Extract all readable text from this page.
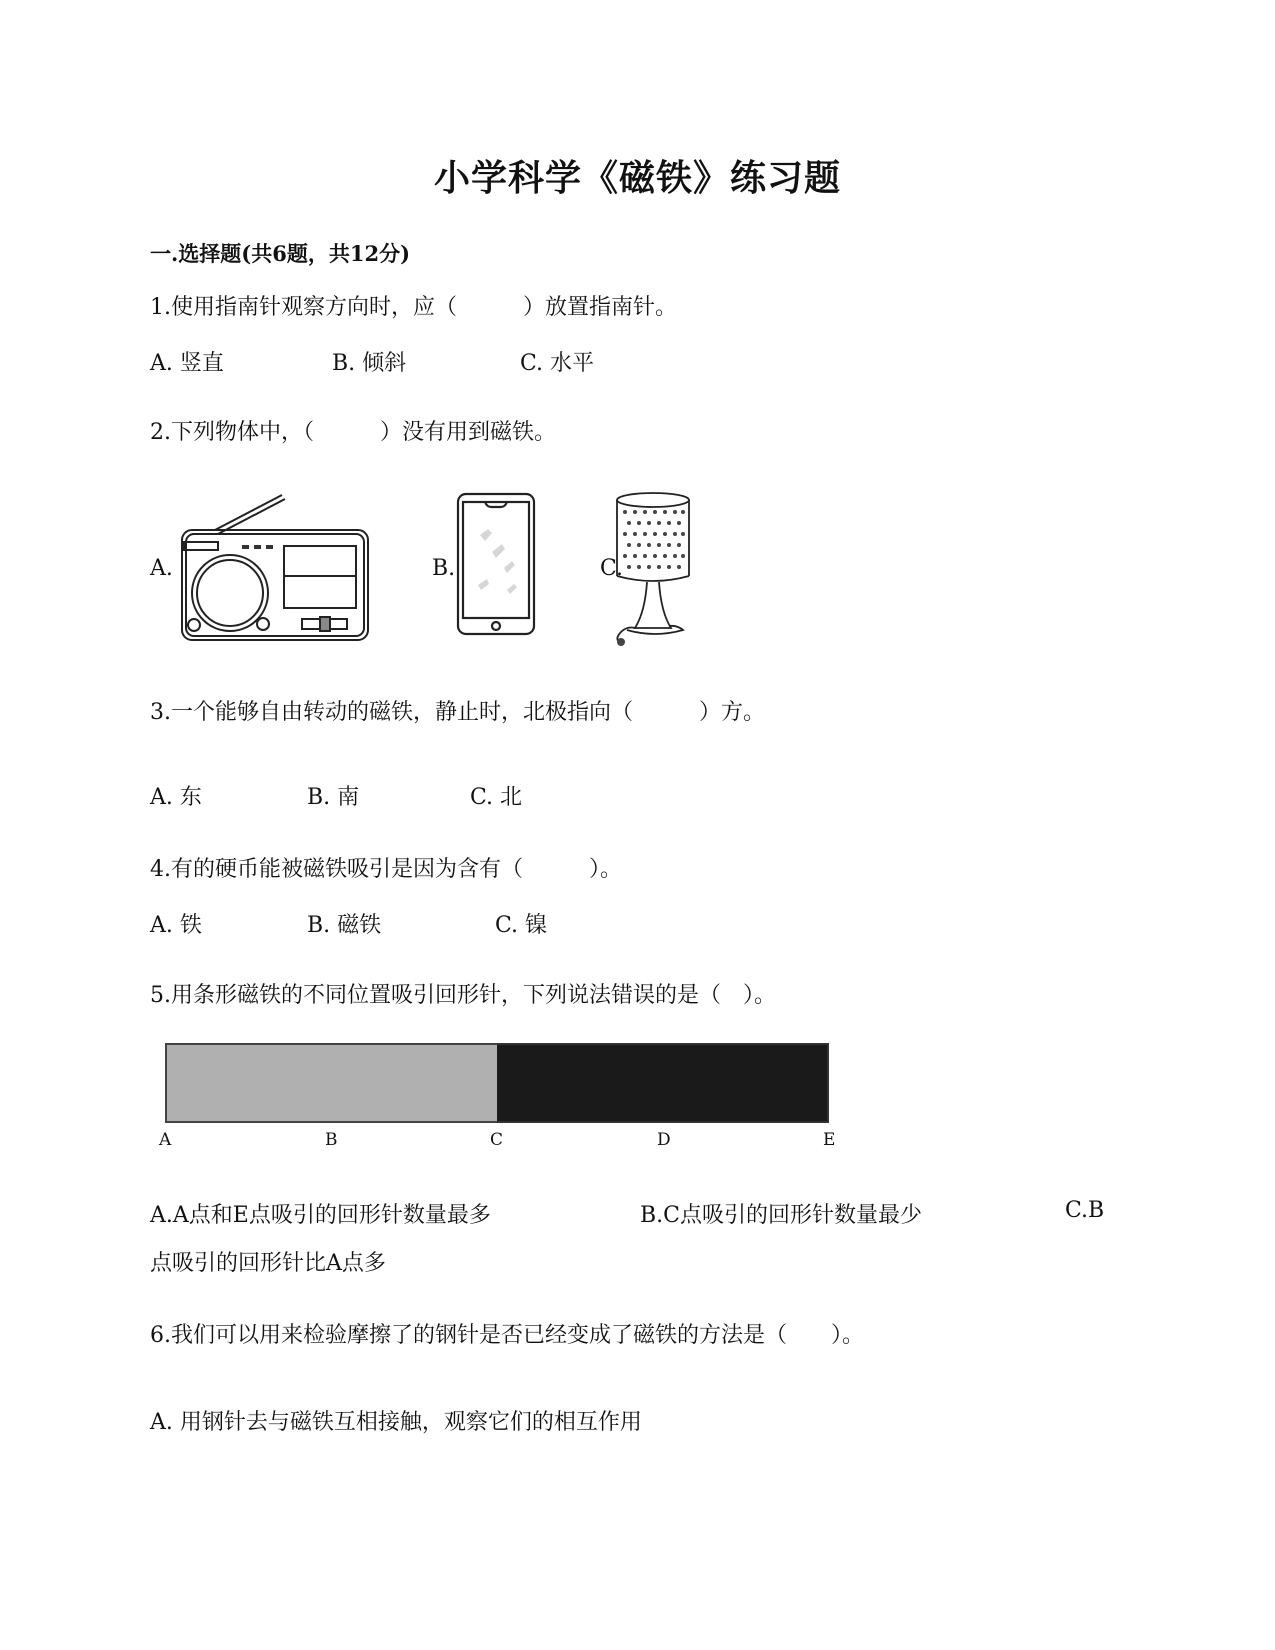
小学科学《磁铁》练习题
一.选择题(共6题，共12分)
1.使用指南针观察方向时，应（　　　）放置指南针。
A. 竖直	B. 倾斜	C. 水平
2.下列物体中，（　　　）没有用到磁铁。
A.	B.	C.
3.一个能够自由转动的磁铁，静止时，北极指向（　　　）方。
A. 东	B. 南	C. 北
4.有的硬币能被磁铁吸引是因为含有（　　　）。
A. 铁	B. 磁铁	C. 镍
5.用条形磁铁的不同位置吸引回形针，下列说法错误的是（　）。
A	B	C	D	E
A.A点和E点吸引的回形针数量最多	B.C点吸引的回形针数量最少	C.B
点吸引的回形针比A点多
6.我们可以用来检验摩擦了的钢针是否已经变成了磁铁的方法是（　　）。
A. 用钢针去与磁铁互相接触，观察它们的相互作用
